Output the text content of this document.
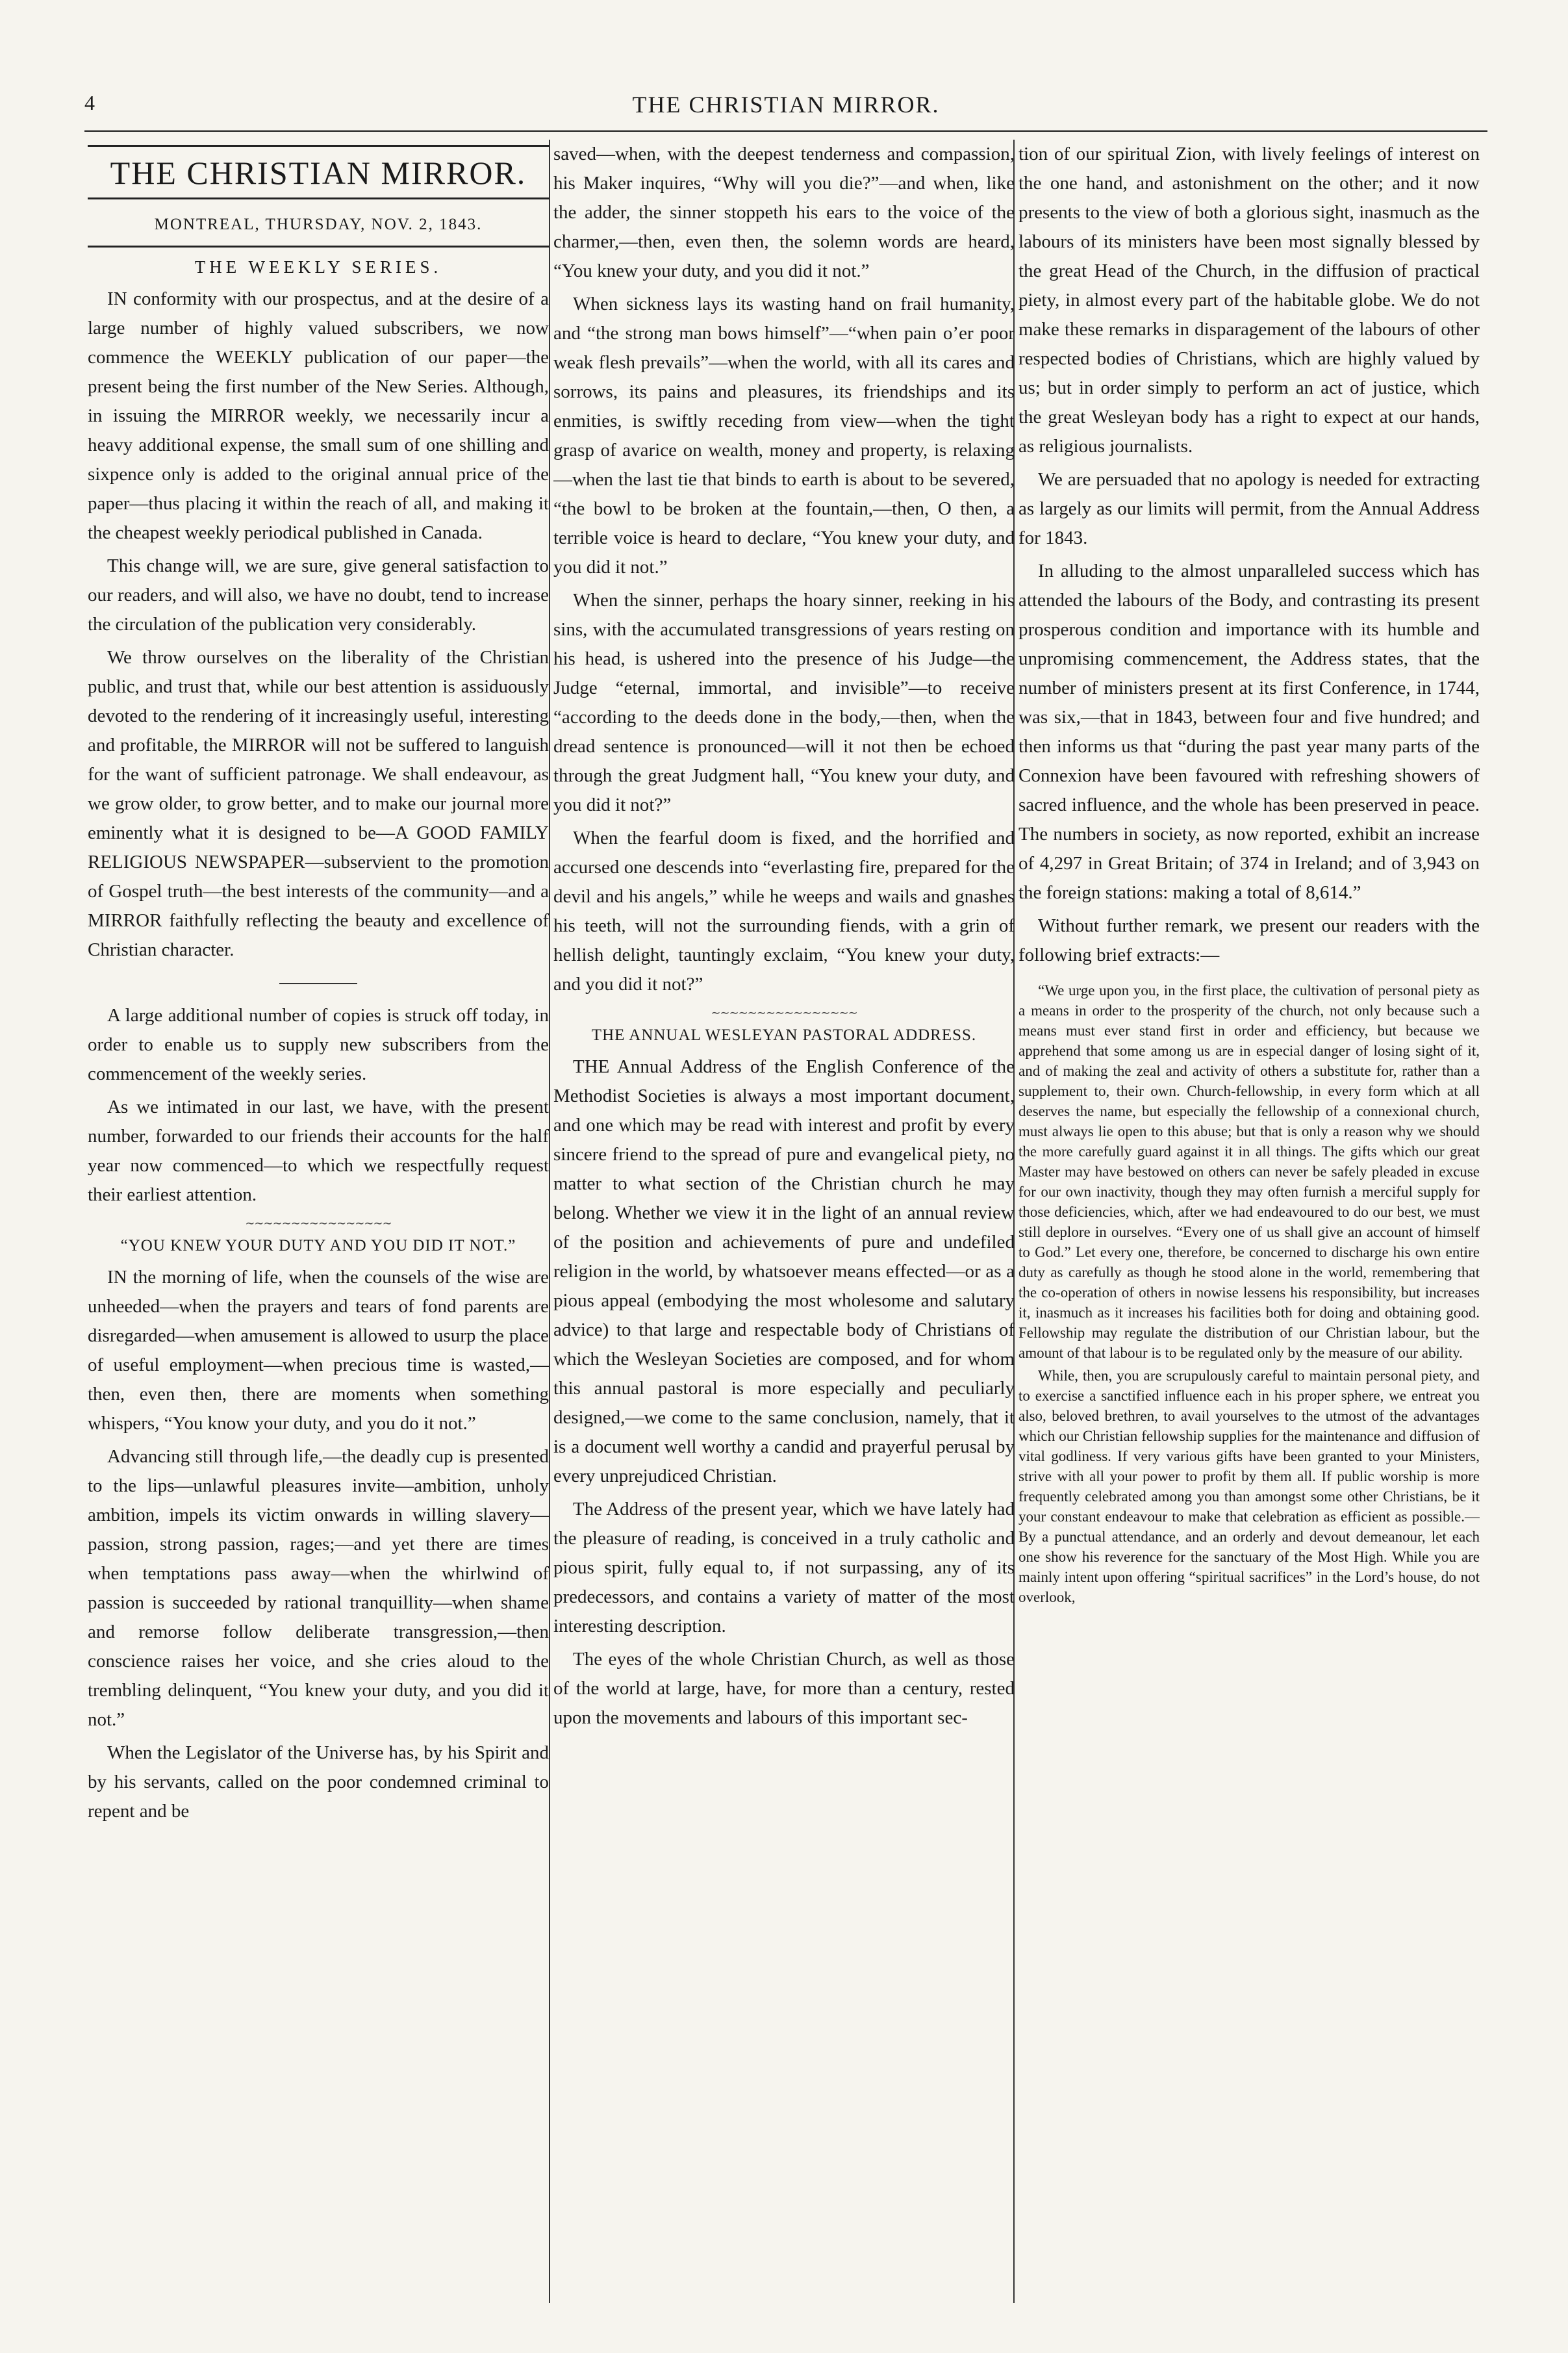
4	THE CHRISTIAN MIRROR.
THE CHRISTIAN MIRROR.
MONTREAL, THURSDAY, NOV. 2, 1843.
THE WEEKLY SERIES.

IN conformity with our prospectus, and at the desire of a large number of highly valued subscribers, we now commence the WEEKLY publication of our paper—the present being the first number of the New Series. Although, in issuing the MIRROR weekly, we necessarily incur a heavy additional expense, the small sum of one shilling and sixpence only is added to the original annual price of the paper—thus placing it within the reach of all, and making it the cheapest weekly periodical published in Canada.

This change will, we are sure, give general satisfaction to our readers, and will also, we have no doubt, tend to increase the circulation of the publication very considerably.

We throw ourselves on the liberality of the Christian public, and trust that, while our best attention is assiduously devoted to the rendering of it increasingly useful, interesting and profitable, the MIRROR will not be suffered to languish for the want of sufficient patronage. We shall endeavour, as we grow older, to grow better, and to make our journal more eminently what it is designed to be—A GOOD FAMILY RELIGIOUS NEWSPAPER—subservient to the promotion of Gospel truth—the best interests of the community—and a MIRROR faithfully reflecting the beauty and excellence of Christian character.

A large additional number of copies is struck off today, in order to enable us to supply new subscribers from the commencement of the weekly series.

As we intimated in our last, we have, with the present number, forwarded to our friends their accounts for the half year now commenced—to which we respectfully request their earliest attention.

∼∼∼∼∼∼∼∼∼∼∼∼∼∼∼∼
“YOU KNEW YOUR DUTY AND YOU DID IT NOT.”

IN the morning of life, when the counsels of the wise are unheeded—when the prayers and tears of fond parents are disregarded—when amusement is allowed to usurp the place of useful employment—when precious time is wasted,—then, even then, there are moments when something whispers, “You know your duty, and you do it not.”

Advancing still through life,—the deadly cup is presented to the lips—unlawful pleasures invite—ambition, unholy ambition, impels its victim onwards in willing slavery—passion, strong passion, rages;—and yet there are times when temptations pass away—when the whirlwind of passion is succeeded by rational tranquillity—when shame and remorse follow deliberate transgression,—then conscience raises her voice, and she cries aloud to the trembling delinquent, “You knew your duty, and you did it not.”

When the Legislator of the Universe has, by his Spirit and by his servants, called on the poor condemned criminal to repent and be

saved—when, with the deepest tenderness and compassion, his Maker inquires, “Why will you die?”—and when, like the adder, the sinner stoppeth his ears to the voice of the charmer,—then, even then, the solemn words are heard, “You knew your duty, and you did it not.”

When sickness lays its wasting hand on frail humanity, and “the strong man bows himself”—“when pain o’er poor weak flesh prevails”—when the world, with all its cares and sorrows, its pains and pleasures, its friendships and its enmities, is swiftly receding from view—when the tight grasp of avarice on wealth, money and property, is relaxing—when the last tie that binds to earth is about to be severed, “the bowl to be broken at the fountain,—then, O then, a terrible voice is heard to declare, “You knew your duty, and you did it not.”

When the sinner, perhaps the hoary sinner, reeking in his sins, with the accumulated transgressions of years resting on his head, is ushered into the presence of his Judge—the Judge “eternal, immortal, and invisible”—to receive “according to the deeds done in the body,—then, when the dread sentence is pronounced—will it not then be echoed through the great Judgment hall, “You knew your duty, and you did it not?”

When the fearful doom is fixed, and the horrified and accursed one descends into “everlasting fire, prepared for the devil and his angels,” while he weeps and wails and gnashes his teeth, will not the surrounding fiends, with a grin of hellish delight, tauntingly exclaim, “You knew your duty, and you did it not?”

∼∼∼∼∼∼∼∼∼∼∼∼∼∼∼∼
THE ANNUAL WESLEYAN PASTORAL ADDRESS.

THE Annual Address of the English Conference of the Methodist Societies is always a most important document, and one which may be read with interest and profit by every sincere friend to the spread of pure and evangelical piety, no matter to what section of the Christian church he may belong. Whether we view it in the light of an annual review of the position and achievements of pure and undefiled religion in the world, by whatsoever means effected—or as a pious appeal (embodying the most wholesome and salutary advice) to that large and respectable body of Christians of which the Wesleyan Societies are composed, and for whom this annual pastoral is more especially and peculiarly designed,—we come to the same conclusion, namely, that it is a document well worthy a candid and prayerful perusal by every unprejudiced Christian.

The Address of the present year, which we have lately had the pleasure of reading, is conceived in a truly catholic and pious spirit, fully equal to, if not surpassing, any of its predecessors, and contains a variety of matter of the most interesting description.

The eyes of the whole Christian Church, as well as those of the world at large, have, for more than a century, rested upon the movements and labours of this important sec-

tion of our spiritual Zion, with lively feelings of interest on the one hand, and astonishment on the other; and it now presents to the view of both a glorious sight, inasmuch as the labours of its ministers have been most signally blessed by the great Head of the Church, in the diffusion of practical piety, in almost every part of the habitable globe. We do not make these remarks in disparagement of the labours of other respected bodies of Christians, which are highly valued by us; but in order simply to perform an act of justice, which the great Wesleyan body has a right to expect at our hands, as religious journalists.

We are persuaded that no apology is needed for extracting as largely as our limits will permit, from the Annual Address for 1843.

In alluding to the almost unparalleled success which has attended the labours of the Body, and contrasting its present prosperous condition and importance with its humble and unpromising commencement, the Address states, that the number of ministers present at its first Conference, in 1744, was six,—that in 1843, between four and five hundred; and then informs us that “during the past year many parts of the Connexion have been favoured with refreshing showers of sacred influence, and the whole has been preserved in peace. The numbers in society, as now reported, exhibit an increase of 4,297 in Great Britain; of 374 in Ireland; and of 3,943 on the foreign stations: making a total of 8,614.”

Without further remark, we present our readers with the following brief extracts:—

“We urge upon you, in the first place, the cultivation of personal piety as a means in order to the prosperity of the church, not only because such a means must ever stand first in order and efficiency, but because we apprehend that some among us are in especial danger of losing sight of it, and of making the zeal and activity of others a substitute for, rather than a supplement to, their own. Church-fellowship, in every form which at all deserves the name, but especially the fellowship of a connexional church, must always lie open to this abuse; but that is only a reason why we should the more carefully guard against it in all things. The gifts which our great Master may have bestowed on others can never be safely pleaded in excuse for our own inactivity, though they may often furnish a merciful supply for those deficiencies, which, after we had endeavoured to do our best, we must still deplore in ourselves. “Every one of us shall give an account of himself to God.” Let every one, therefore, be concerned to discharge his own entire duty as carefully as though he stood alone in the world, remembering that the co-operation of others in nowise lessens his responsibility, but increases it, inasmuch as it increases his facilities both for doing and obtaining good. Fellowship may regulate the distribution of our Christian labour, but the amount of that labour is to be regulated only by the measure of our ability.

While, then, you are scrupulously careful to maintain personal piety, and to exercise a sanctified influence each in his proper sphere, we entreat you also, beloved brethren, to avail yourselves to the utmost of the advantages which our Christian fellowship supplies for the maintenance and diffusion of vital godliness. If very various gifts have been granted to your Ministers, strive with all your power to profit by them all. If public worship is more frequently celebrated among you than amongst some other Christians, be it your constant endeavour to make that celebration as efficient as possible.—By a punctual attendance, and an orderly and devout demeanour, let each one show his reverence for the sanctuary of the Most High. While you are mainly intent upon offering “spiritual sacrifices” in the Lord’s house, do not overlook,
